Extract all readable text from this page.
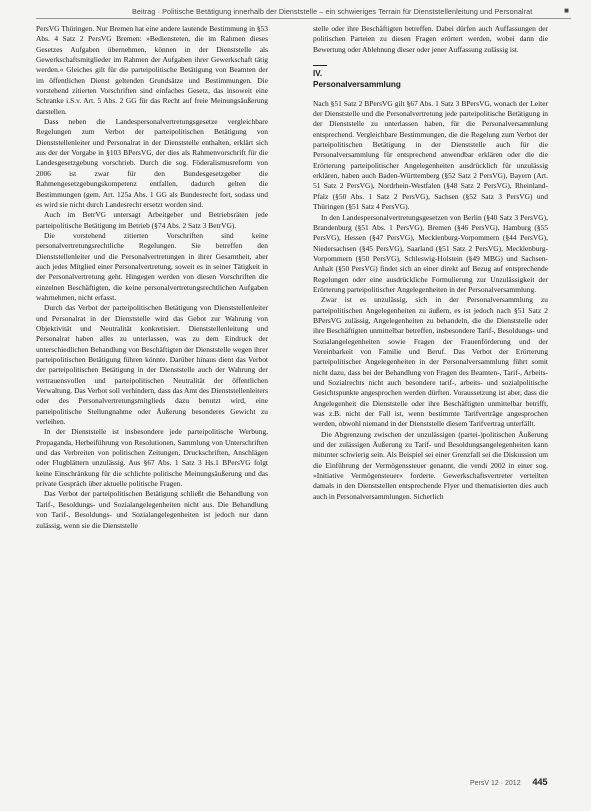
Beitrag · Politische Betätigung innerhalb der Dienststelle – ein schwieriges Terrain für Dienststellenleitung und Personalrat	■

PersVG Thüringen. Nur Bremen hat eine andere lautende Bestimmung in §53 Abs. 4 Satz 2 PersVG Bremen: »Bediensteten, die im Rahmen dieses Gesetzes Aufgaben übernehmen, können in der Dienststelle als Gewerkschaftsmitglieder im Rahmen der Aufgaben ihrer Gewerkschaft tätig werden.« Gleiches gilt für die parteipolitische Betätigung von Beamten der im öffentlichen Dienst geltenden Grundsätze und Bestimmungen. Die vorstehend zitierten Vorschriften sind einfaches Gesetz, das insoweit eine Schranke i.S.v. Art. 5 Abs. 2 GG für das Recht auf freie Meinungsäußerung darstellen.

Dass neben die Landespersonalvertretungsgesetze vergleichbare Regelungen zum Verbot der parteipolitischen Betätigung von Dienststellenleiter und Personalrat in der Dienststelle enthalten, erklärt sich aus der der Vorgabe in §103 BPersVG, der dies als Rahmenvorschrift für die Landesgesetzgebung vorschrieb. Durch die sog. Föderalismusreform von 2006 ist zwar für den Bundesgesetzgeber die Rahmengesetzgebungskompetenz entfallen, dadurch gelten die Bestimmungen (gem. Art. 125a Abs. 1 GG als Bundesrecht fort, sodass und es wird sie nicht durch Landesrecht ersetzt worden sind.

Auch im BetrVG untersagt Arbeitgeber und Betriebsräten jede parteipolitische Betätigung im Betrieb (§74 Abs. 2 Satz 3 BetrVG).

Die vorstehend zitierten Vorschriften sind keine personalvertretungsrechtliche Regelungen. Sie betreffen den Dienststellenleiter und die Personalvertretungen in ihrer Gesamtheit, aber auch jedes Mitglied einer Personalvertretung, soweit es in seiner Tätigkeit in der Personalvertretung geht. Hingegen werden von diesen Vorschriften die einzelnen Beschäftigten, die keine personalvertretungsrechtlichen Aufgaben wahrnehmen, nicht erfasst.

Durch das Verbot der parteipolitischen Betätigung von Dienststellenleiter und Personalrat in der Dienststelle wird das Gebot zur Wahrung von Objektivität und Neutralität konkretisiert. Dienststellenleitung und Personalrat haben alles zu unterlassen, was zu dem Eindruck der unterschiedlichen Behandlung von Beschäftigten der Dienststelle wegen ihrer parteipolitischen Betätigung führen könnte. Darüber hinaus dient das Verbot der parteipolitischen Betätigung in der Dienststelle auch der Wahrung der vertrauensvollen und parteipolitischen Neutralität der öffentlichen Verwaltung. Das Verbot soll verhindern, dass das Amt des Dienststellenleiters oder des Personalvertretungsmitglieds dazu benutzt wird, eine parteipolitische Stellungnahme oder Äußerung besonderes Gewicht zu verleihen.

In der Dienststelle ist insbesondere jede parteipolitische Werbung, Propaganda, Herbeiführung von Resolutionen, Sammlung von Unterschriften und das Verbreiten von politischen Zeitungen, Druckschriften, Anschlägen oder Flugblättern unzulässig. Aus §67 Abs. 1 Satz 3 Hs.1 BPersVG folgt keine Einschränkung für die schlichte politische Meinungsäußerung und das private Gespräch über aktuelle politische Fragen.

Das Verbot der parteipolitischen Betätigung schließt die Behandlung von Tarif-, Besoldungs- und Sozialangelegenheiten nicht aus. Die Behandlung von Tarif-, Besoldungs- und Sozialangelegenheiten ist jedoch nur dann zulässig, wenn sie die Dienststelle

stelle oder ihre Beschäftigten betreffen. Dabei dürfen auch Auffassungen der politischen Parteien zu diesen Fragen erörtert werden, wobei dann die Bewertung oder Ablehnung dieser oder jener Auffassung zulässig ist.

IV.
Personalversammlung

Nach §51 Satz 2 BPersVG gilt §67 Abs. 1 Satz 3 BPersVG, wonach der Leiter der Dienststelle und die Personalvertretung jede parteipolitische Betätigung in der Dienststelle zu unterlassen haben, für die Personalversammlung entsprechend. Vergleichbare Bestimmungen, die die Regelung zum Verbot der parteipolitischen Betätigung in der Dienststelle auch für die Personalversammlung für entsprechend anwendbar erklären oder die die Erörterung parteipolitischer Angelegenheiten ausdrücklich für unzulässig erklären, haben auch Baden-Württemberg (§52 Satz 2 PersVG), Bayern (Art. 51 Satz 2 PersVG), Nordrhein-Westfalen (§48 Satz 2 PersVG), Rheinland-Pfalz (§50 Abs. 1 Satz 2 PersVG), Sachsen (§52 Satz 3 PersVG) und Thüringen (§51 Satz 4 PersVG).

In den Landespersonalvertretungsgesetzen von Berlin (§40 Satz 3 PersVG), Brandenburg (§51 Abs. 1 PersVG), Bremen (§46 PersVG), Hamburg (§55 PersVG), Hessen (§47 PersVG), Mecklenburg-Vorpommern (§44 PersVG), Niedersachsen (§45 PersVG), Saarland (§51 Satz 2 PersVG), Mecklenburg-Vorpommern (§50 PersVG), Schleswig-Holstein (§49 MBG) und Sachsen-Anhalt (§50 PersVG) findet sich an einer direkt auf Bezug auf entsprechende Regelungen oder eine ausdrückliche Formulierung zur Unzulässigkeit der Erörterung parteipolitischer Angelegenheiten in der Personalversammlung.

Zwar ist es unzulässig, sich in der Personalversammlung zu parteipolitischen Angelegenheiten zu äußern, es ist jedoch nach §51 Satz 2 BPersVG zulässig, Angelegenheiten zu behandeln, die die Dienststelle oder ihre Beschäftigten unmittelbar betreffen, insbesondere Tarif-, Besoldungs- und Sozialangelegenheiten sowie Fragen der Frauenförderung und der Vereinbarkeit von Familie und Beruf. Das Verbot der Erörterung parteipolitischer Angelegenheiten in der Personalversammlung führt somit nicht dazu, dass bei der Behandlung von Fragen des Beamten-, Tarif-, Arbeits- und Sozialrechts nicht auch besondere tarif-, arbeits- und sozialpolitische Gesichtspunkte angesprochen werden dürften. Voraussetzung ist aber, dass die Angelegenheit die Dienststelle oder ihre Beschäftigten unmittelbar betrifft, was z.B. nicht der Fall ist, wenn bestimmte Tarifverträge angesprochen werden, obwohl niemand in der Dienststelle diesem Tarifvertrag unterfällt.

Die Abgrenzung zwischen der unzulässigen (partei-)politischen Äußerung und der zulässigen Äußerung zu Tarif- und Besoldungsangelegenheiten kann mitunter schwierig sein. Als Beispiel sei einer Grenzfall sei die Diskussion um die Einführung der Vermögenssteuer genannt, die vendi 2002 in einer sog. »Initiative Vermögensteuer« forderte. Gewerkschaftsvertreter verteilten damals in den Dienststellen entsprechende Flyer und thematisierten dies auch auch in Personalversammlungen. Sicherlich

PersV 12 · 2012 445
